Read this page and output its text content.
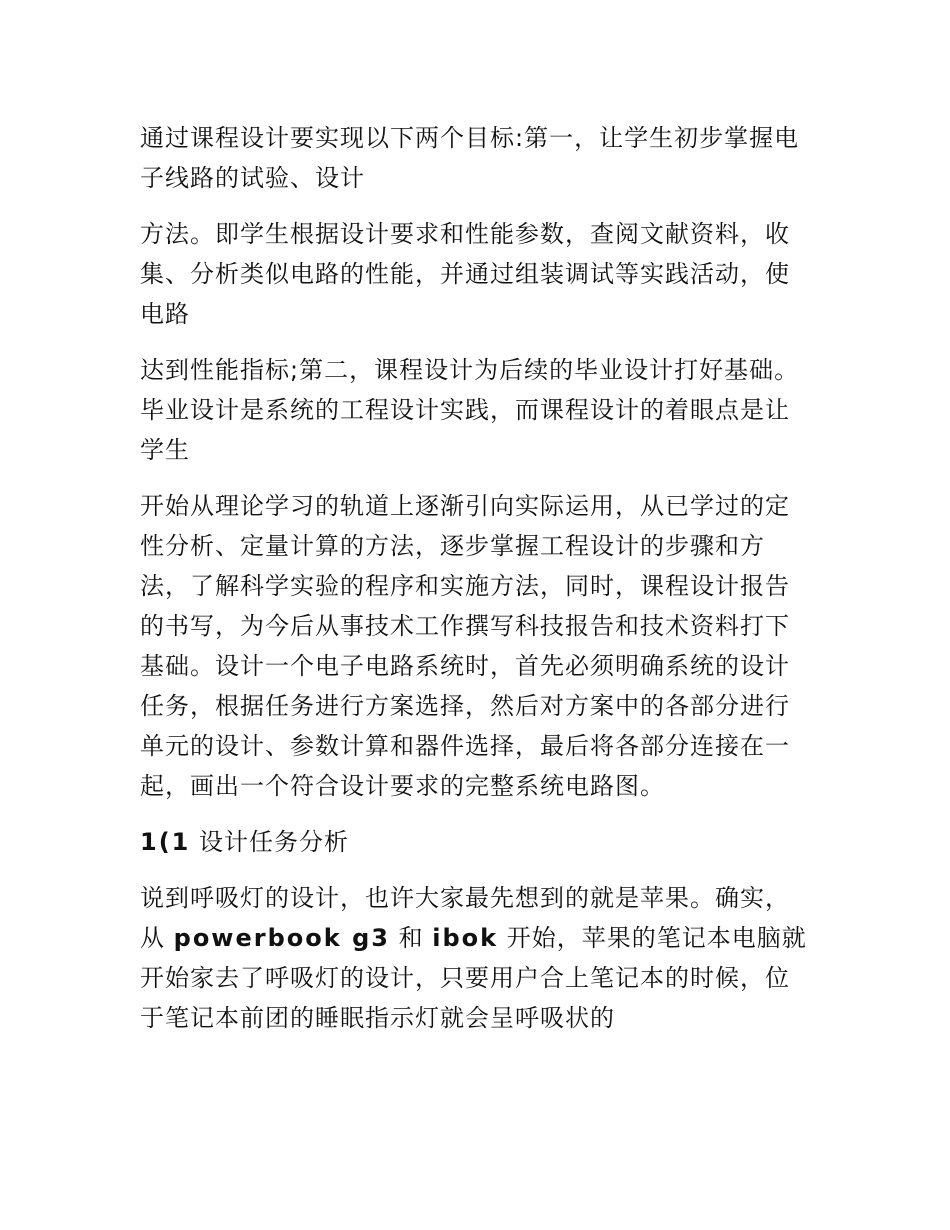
通过课程设计要实现以下两个目标:第一，让学生初步掌握电子线路的试验、设计

方法。即学生根据设计要求和性能参数，查阅文献资料，收集、分析类似电路的性能，并通过组装调试等实践活动，使电路

达到性能指标;第二，课程设计为后续的毕业设计打好基础。毕业设计是系统的工程设计实践，而课程设计的着眼点是让学生

开始从理论学习的轨道上逐渐引向实际运用，从已学过的定性分析、定量计算的方法，逐步掌握工程设计的步骤和方法，了解科学实验的程序和实施方法，同时，课程设计报告的书写，为今后从事技术工作撰写科技报告和技术资料打下基础。设计一个电子电路系统时，首先必须明确系统的设计任务，根据任务进行方案选择，然后对方案中的各部分进行单元的设计、参数计算和器件选择，最后将各部分连接在一起，画出一个符合设计要求的完整系统电路图。

1(1 设计任务分析

说到呼吸灯的设计，也许大家最先想到的就是苹果。确实，从 powerbook g3 和 ibok 开始，苹果的笔记本电脑就开始家去了呼吸灯的设计，只要用户合上笔记本的时候，位于笔记本前团的睡眠指示灯就会呈呼吸状的
